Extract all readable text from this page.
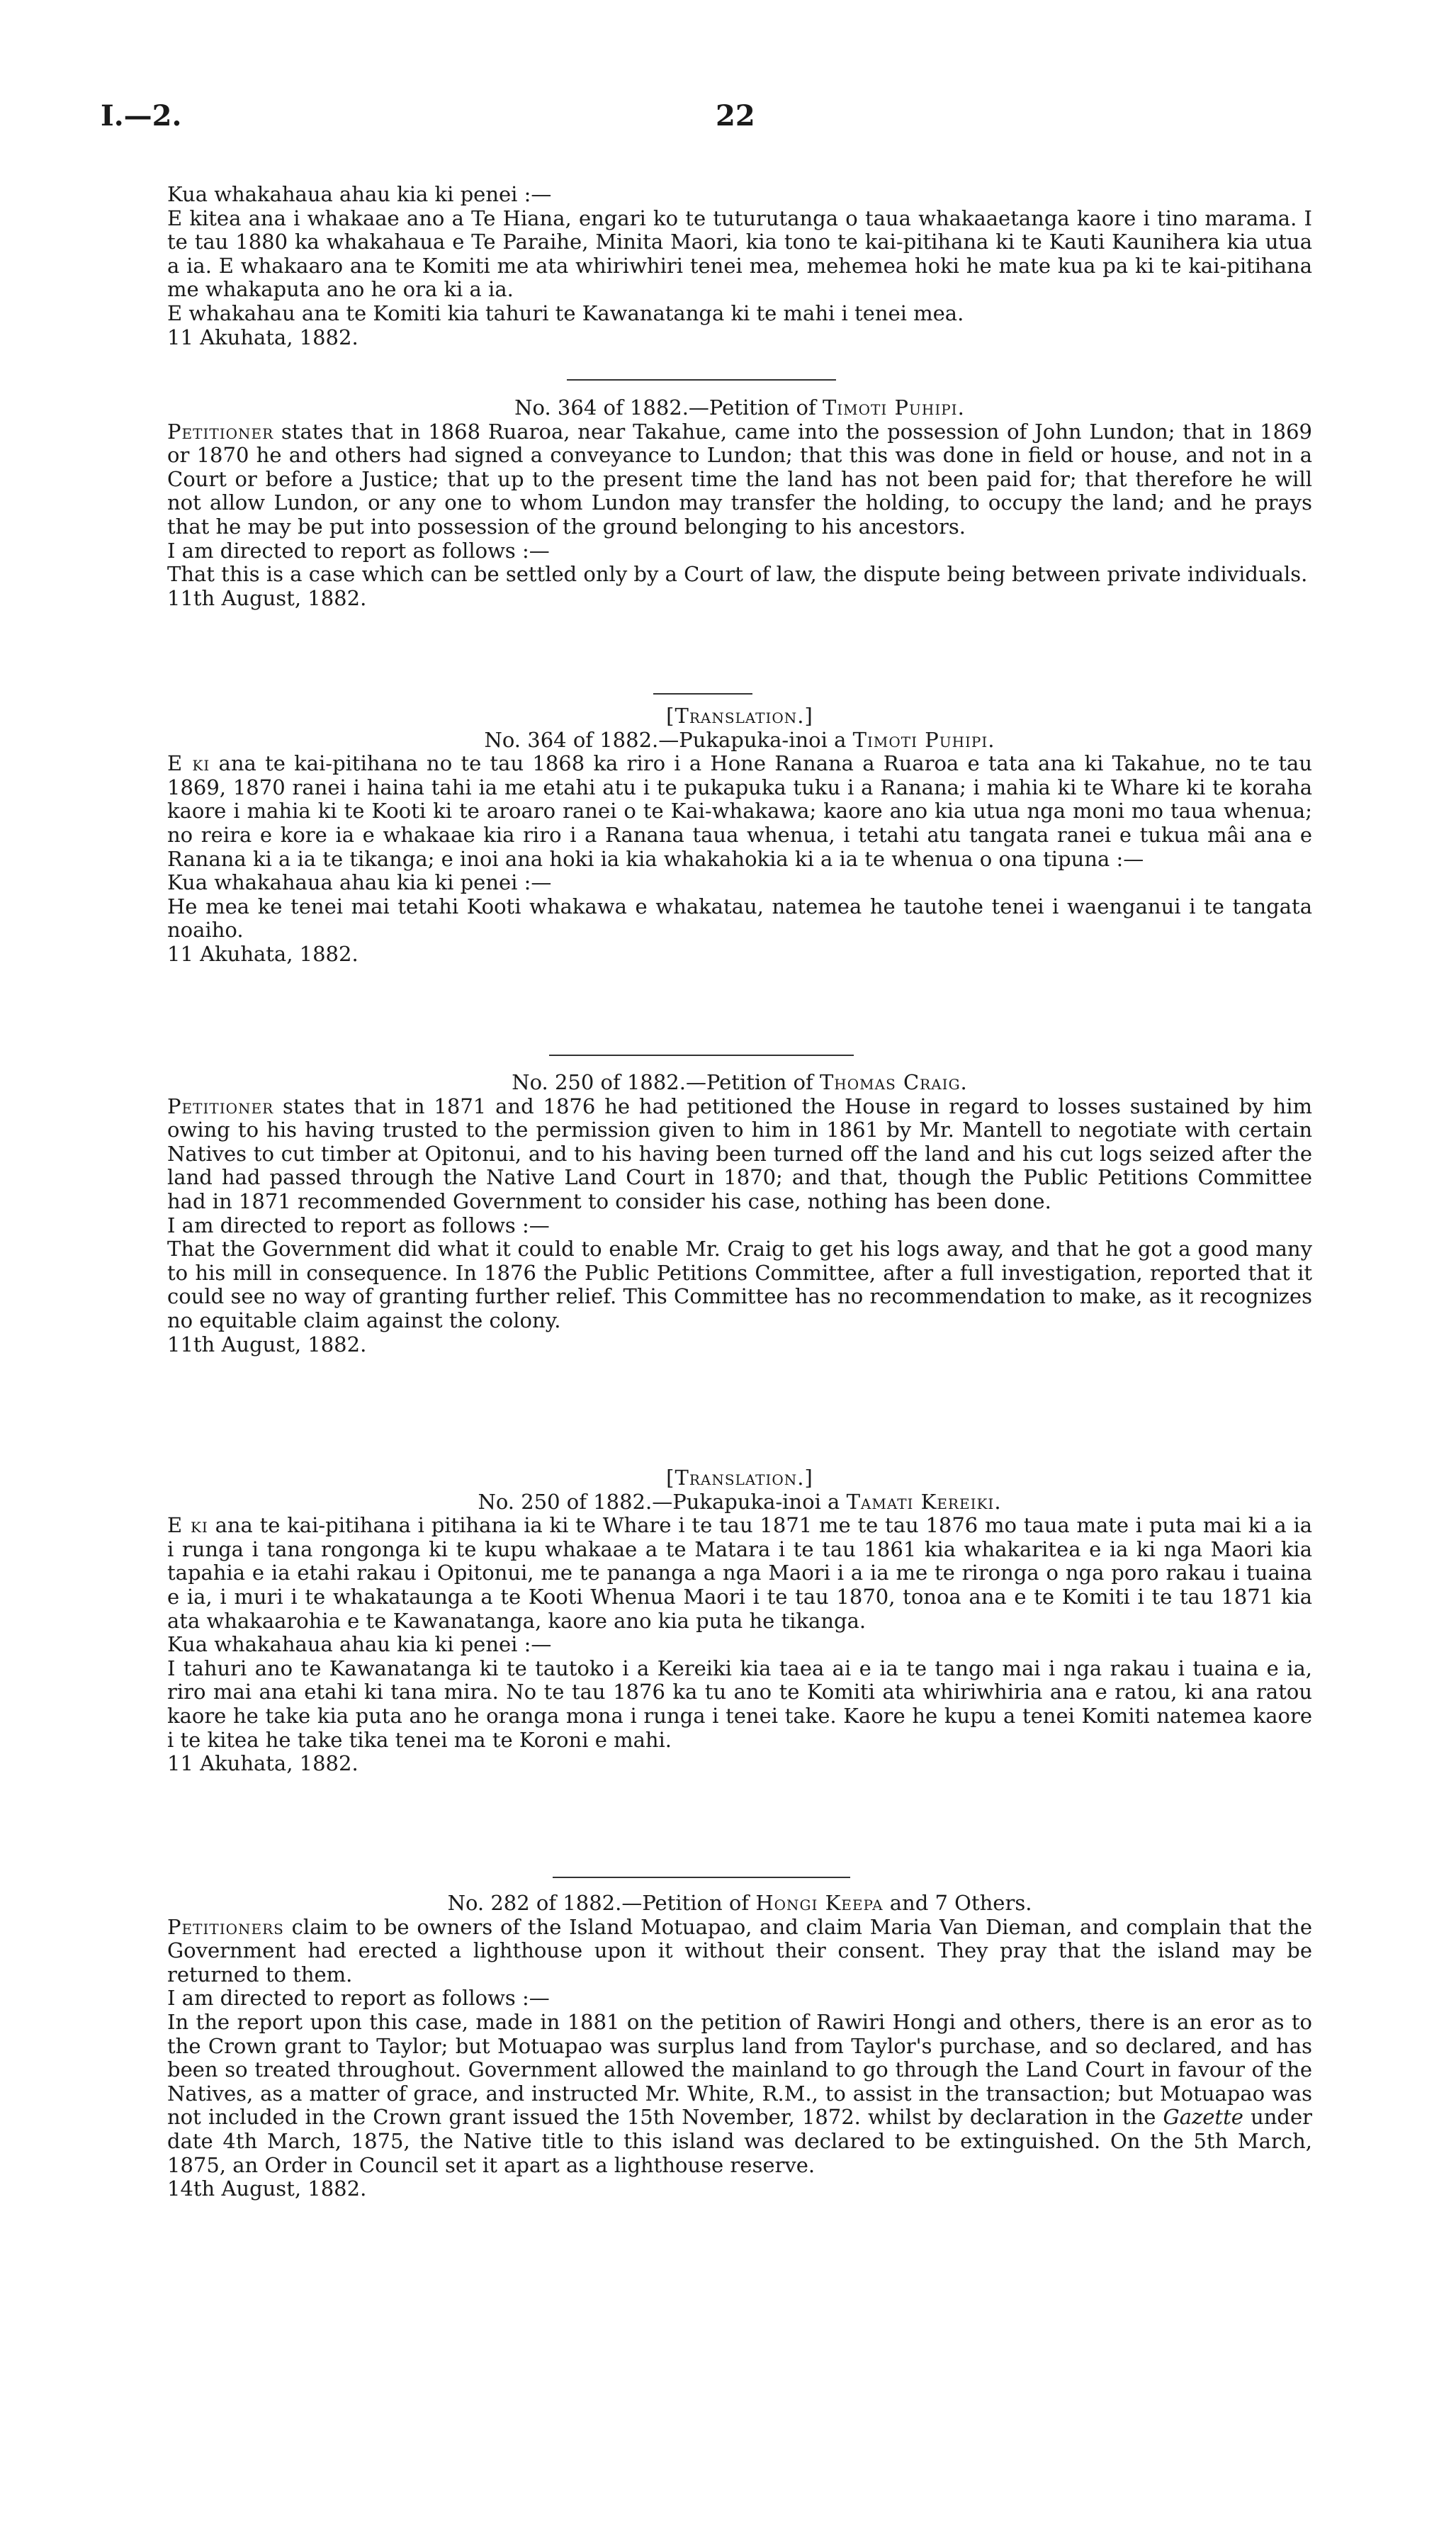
I.—2.	22

Kua whakahaua ahau kia ki penei :—

E kitea ana i whakaae ano a Te Hiana, engari ko te tuturutanga o taua whakaaetanga kaore i tino marama. I te tau 1880 ka whakahaua e Te Paraihe, Minita Maori, kia tono te kai-pitihana ki te Kauti Kaunihera kia utua a ia. E whakaaro ana te Komiti me ata whiriwhiri tenei mea, mehemea hoki he mate kua pa ki te kai-pitihana me whakaputa ano he ora ki a ia.

E whakahau ana te Komiti kia tahuri te Kawanatanga ki te mahi i tenei mea.

11 Akuhata, 1882.

No. 364 of 1882.—Petition of Timoti Puhipi.

Petitioner states that in 1868 Ruaroa, near Takahue, came into the possession of John Lundon; that in 1869 or 1870 he and others had signed a conveyance to Lundon; that this was done in field or house, and not in a Court or before a Justice; that up to the present time the land has not been paid for; that therefore he will not allow Lundon, or any one to whom Lundon may transfer the holding, to occupy the land; and he prays that he may be put into possession of the ground belonging to his ancestors.

I am directed to report as follows :—

That this is a case which can be settled only by a Court of law, the dispute being between private individuals.

11th August, 1882.

[Translation.]

No. 364 of 1882.—Pukapuka-inoi a Timoti Puhipi.

E ki ana te kai-pitihana no te tau 1868 ka riro i a Hone Ranana a Ruaroa e tata ana ki Takahue, no te tau 1869, 1870 ranei i haina tahi ia me etahi atu i te pukapuka tuku i a Ranana; i mahia ki te Whare ki te koraha kaore i mahia ki te Kooti ki te aroaro ranei o te Kai-whakawa; kaore ano kia utua nga moni mo taua whenua; no reira e kore ia e whakaae kia riro i a Ranana taua whenua, i tetahi atu tangata ranei e tukua mâi ana e Ranana ki a ia te tikanga; e inoi ana hoki ia kia whakahokia ki a ia te whenua o ona tipuna :—

Kua whakahaua ahau kia ki penei :—

He mea ke tenei mai tetahi Kooti whakawa e whakatau, natemea he tautohe tenei i waenganui i te tangata noaiho.

11 Akuhata, 1882.

No. 250 of 1882.—Petition of Thomas Craig.

Petitioner states that in 1871 and 1876 he had petitioned the House in regard to losses sustained by him owing to his having trusted to the permission given to him in 1861 by Mr. Mantell to negotiate with certain Natives to cut timber at Opitonui, and to his having been turned off the land and his cut logs seized after the land had passed through the Native Land Court in 1870; and that, though the Public Petitions Committee had in 1871 recommended Government to consider his case, nothing has been done.

I am directed to report as follows :—

That the Government did what it could to enable Mr. Craig to get his logs away, and that he got a good many to his mill in consequence. In 1876 the Public Petitions Committee, after a full investigation, reported that it could see no way of granting further relief. This Committee has no recommendation to make, as it recognizes no equitable claim against the colony.

11th August, 1882.

[Translation.]

No. 250 of 1882.—Pukapuka-inoi a Tamati Kereiki.

E ki ana te kai-pitihana i pitihana ia ki te Whare i te tau 1871 me te tau 1876 mo taua mate i puta mai ki a ia i runga i tana rongonga ki te kupu whakaae a te Matara i te tau 1861 kia whakaritea e ia ki nga Maori kia tapahia e ia etahi rakau i Opitonui, me te pananga a nga Maori i a ia me te rironga o nga poro rakau i tuaina e ia, i muri i te whakataunga a te Kooti Whenua Maori i te tau 1870, tonoa ana e te Komiti i te tau 1871 kia ata whakaarohia e te Kawanatanga, kaore ano kia puta he tikanga.

Kua whakahaua ahau kia ki penei :—

I tahuri ano te Kawanatanga ki te tautoko i a Kereiki kia taea ai e ia te tango mai i nga rakau i tuaina e ia, riro mai ana etahi ki tana mira. No te tau 1876 ka tu ano te Komiti ata whiriwhiria ana e ratou, ki ana ratou kaore he take kia puta ano he oranga mona i runga i tenei take. Kaore he kupu a tenei Komiti natemea kaore i te kitea he take tika tenei ma te Koroni e mahi.

11 Akuhata, 1882.

No. 282 of 1882.—Petition of Hongi Keepa and 7 Others.

Petitioners claim to be owners of the Island Motuapao, and claim Maria Van Dieman, and complain that the Government had erected a lighthouse upon it without their consent. They pray that the island may be returned to them.

I am directed to report as follows :—

In the report upon this case, made in 1881 on the petition of Rawiri Hongi and others, there is an eror as to the Crown grant to Taylor; but Motuapao was surplus land from Taylor's purchase, and so declared, and has been so treated throughout. Government allowed the mainland to go through the Land Court in favour of the Natives, as a matter of grace, and instructed Mr. White, R.M., to assist in the transaction; but Motuapao was not included in the Crown grant issued the 15th November, 1872. whilst by declaration in the Gazette under date 4th March, 1875, the Native title to this island was declared to be extinguished. On the 5th March, 1875, an Order in Council set it apart as a lighthouse reserve.

14th August, 1882.
